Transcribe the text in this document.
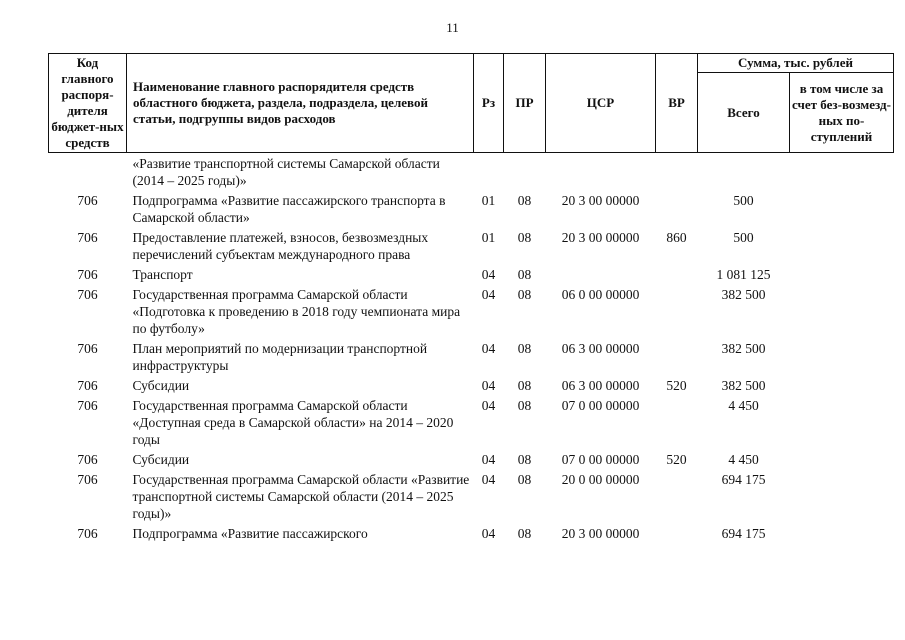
11
Код главного распоря-дителя бюджет-ных средств	Наименование главного распорядителя средств областного бюджета, раздела, подраздела, целевой статьи, подгруппы видов расходов	Рз	ПР	ЦСР	ВР	Сумма, тыс. рублей	
						Всего	в том числе за счет без-возмезд-ных по-ступлений
	«Развитие транспортной системы Самарской области (2014 – 2025 годы)»						
706	Подпрограмма «Развитие пассажирского транспорта в Самарской области»	01	08	20 3 00 00000		500	
706	Предоставление платежей, взносов, безвозмездных перечислений субъектам международного права	01	08	20 3 00 00000	860	500	
706	Транспорт	04	08			1 081 125	
706	Государственная программа Самарской области «Подготовка к проведению в 2018 году чемпионата мира по футболу»	04	08	06 0 00 00000		382 500	
706	План мероприятий по модернизации транспортной инфраструктуры	04	08	06 3 00 00000		382 500	
706	Субсидии	04	08	06 3 00 00000	520	382 500	
706	Государственная программа Самарской области «Доступная среда в Самарской области» на 2014 – 2020 годы	04	08	07 0 00 00000		4 450	
706	Субсидии	04	08	07 0 00 00000	520	4 450	
706	Государственная программа Самарской области «Развитие транспортной системы Самарской области (2014 – 2025 годы)»	04	08	20 0 00 00000		694 175	
706	Подпрограмма «Развитие пассажирского	04	08	20 3 00 00000		694 175	
